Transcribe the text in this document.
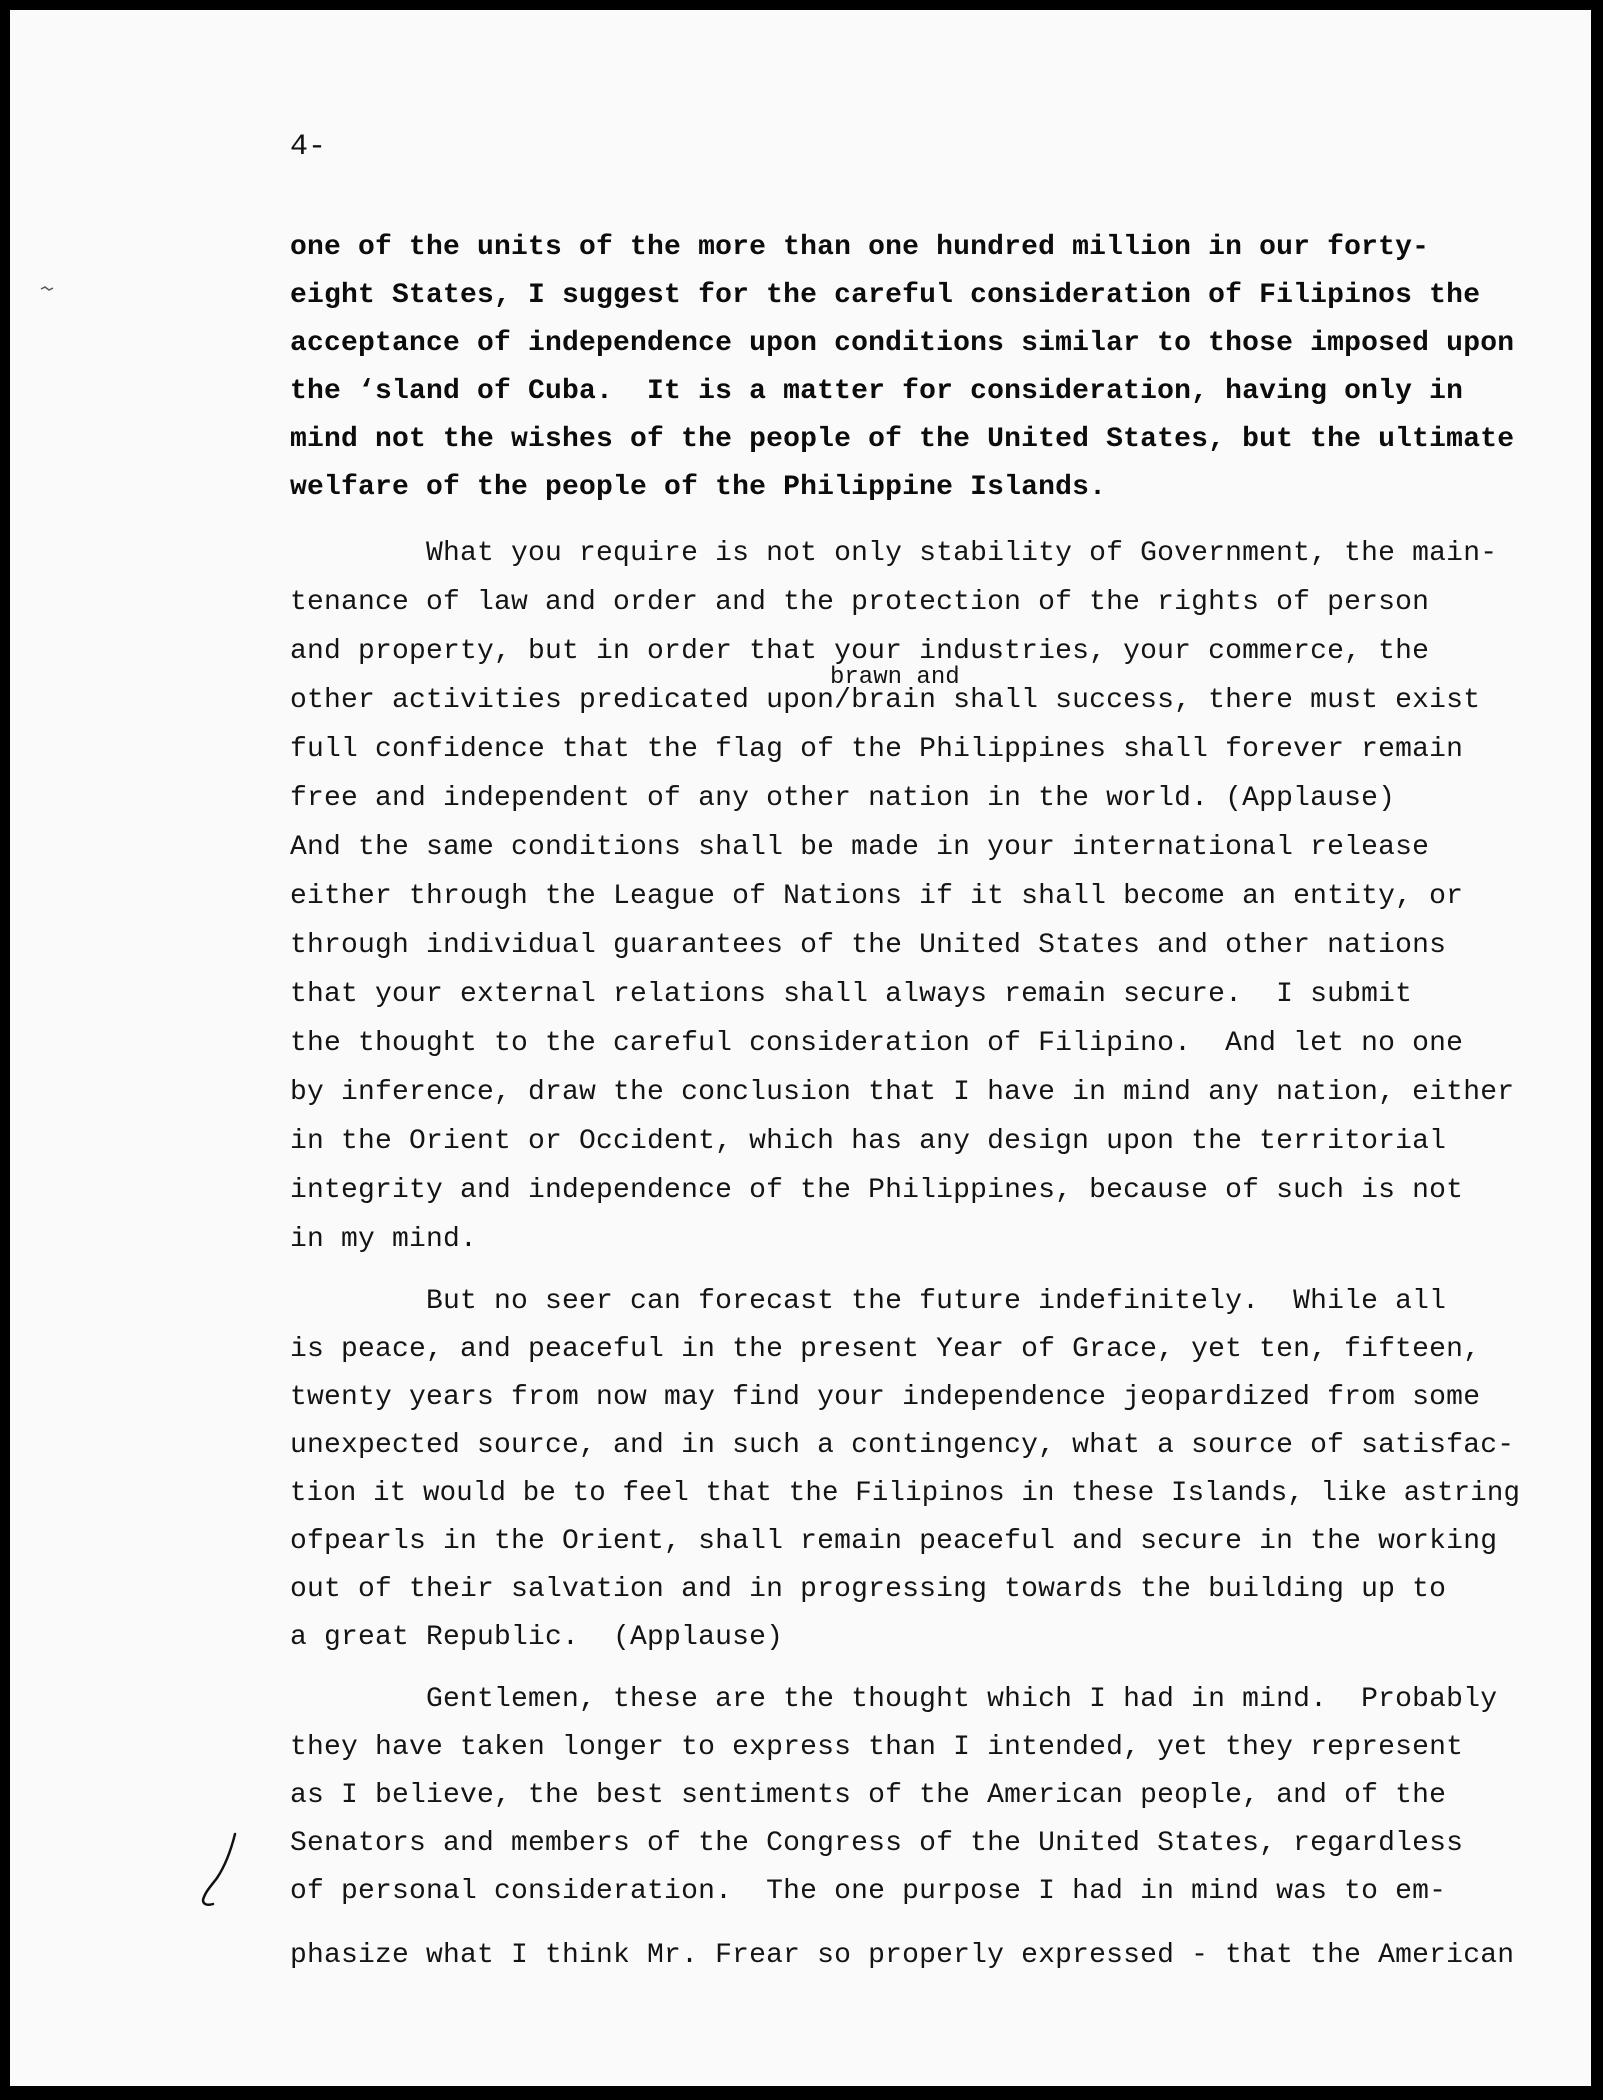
4-

one of the units of the more than one hundred million in our forty-

eight States, I suggest for the careful consideration of Filipinos the

acceptance of independence upon conditions similar to those imposed upon

the ‘sland of Cuba.  It is a matter for consideration, having only in

mind not the wishes of the people of the United States, but the ultimate

welfare of the people of the Philippine Islands.

brawn and

What you require is not only stability of Government, the main-

tenance of law and order and the protection of the rights of person

and property, but in order that your industries, your commerce, the

other activities predicated upon/brain shall success, there must exist

full confidence that the flag of the Philippines shall forever remain

free and independent of any other nation in the world. (Applause)

And the same conditions shall be made in your international release

either through the League of Nations if it shall become an entity, or

through individual guarantees of the United States and other nations

that your external relations shall always remain secure.  I submit

the thought to the careful consideration of Filipino.  And let no one

by inference, draw the conclusion that I have in mind any nation, either

in the Orient or Occident, which has any design upon the territorial

integrity and independence of the Philippines, because of such is not

in my mind.

But no seer can forecast the future indefinitely.  While all

is peace, and peaceful in the present Year of Grace, yet ten, fifteen,

twenty years from now may find your independence jeopardized from some

unexpected source, and in such a contingency, what a source of satisfac-

tion it would be to feel that the Filipinos in these Islands, like astring

ofpearls in the Orient, shall remain peaceful and secure in the working

out of their salvation and in progressing towards the building up to

a great Republic.  (Applause)

Gentlemen, these are the thought which I had in mind.  Probably

they have taken longer to express than I intended, yet they represent

as I believe, the best sentiments of the American people, and of the

Senators and members of the Congress of the United States, regardless

of personal consideration.  The one purpose I had in mind was to em-

phasize what I think Mr. Frear so properly expressed - that the American
